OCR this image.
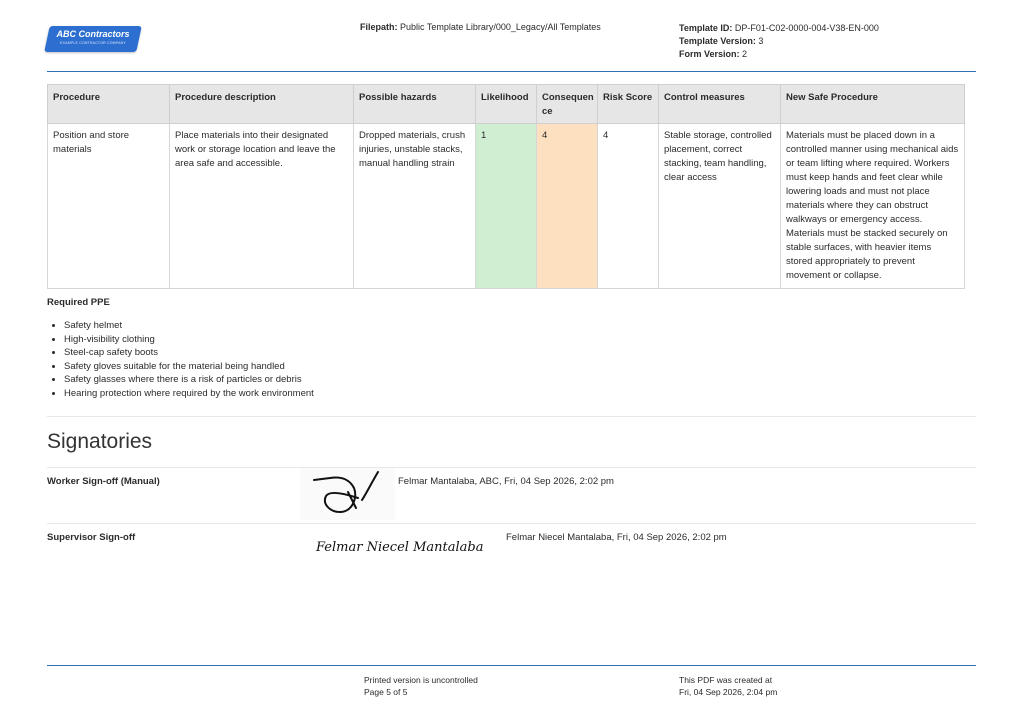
ABC Contractors
EXAMPLE CONTRACTOR COMPANY
Filepath: Public Template Library/000_Legacy/All Templates	Template ID: DP-F01-C02-0000-004-V38-EN-000
Template Version: 3
Form Version: 2
Procedure	Procedure description	Possible hazards	Likelihood	Consequen ce	Risk Score	Control measures	New Safe Procedure
Position and store materials	Place materials into their designated work or storage location and leave the area safe and accessible.	Dropped materials, crush injuries, unstable stacks, manual handling strain	1	4	4	Stable storage, controlled placement, correct stacking, team handling, clear access	Materials must be placed down in a controlled manner using mechanical aids or team lifting where required. Workers must keep hands and feet clear while lowering loads and must not place materials where they can obstruct walkways or emergency access. Materials must be stacked securely on stable surfaces, with heavier items stored appropriately to prevent movement or collapse.
Required PPE
• Safety helmet
• High-visibility clothing
• Steel-cap safety boots
• Safety gloves suitable for the material being handled
• Safety glasses where there is a risk of particles or debris
• Hearing protection where required by the work environment
Signatories
Worker Sign-off (Manual)	Felmar Mantalaba, ABC, Fri, 04 Sep 2026, 2:02 pm
Supervisor Sign-off
Felmar Niecel Mantalaba
Felmar Niecel Mantalaba, Fri, 04 Sep 2026, 2:02 pm
Printed version is uncontrolled
Page 5 of 5
This PDF was created at
Fri, 04 Sep 2026, 2:04 pm
